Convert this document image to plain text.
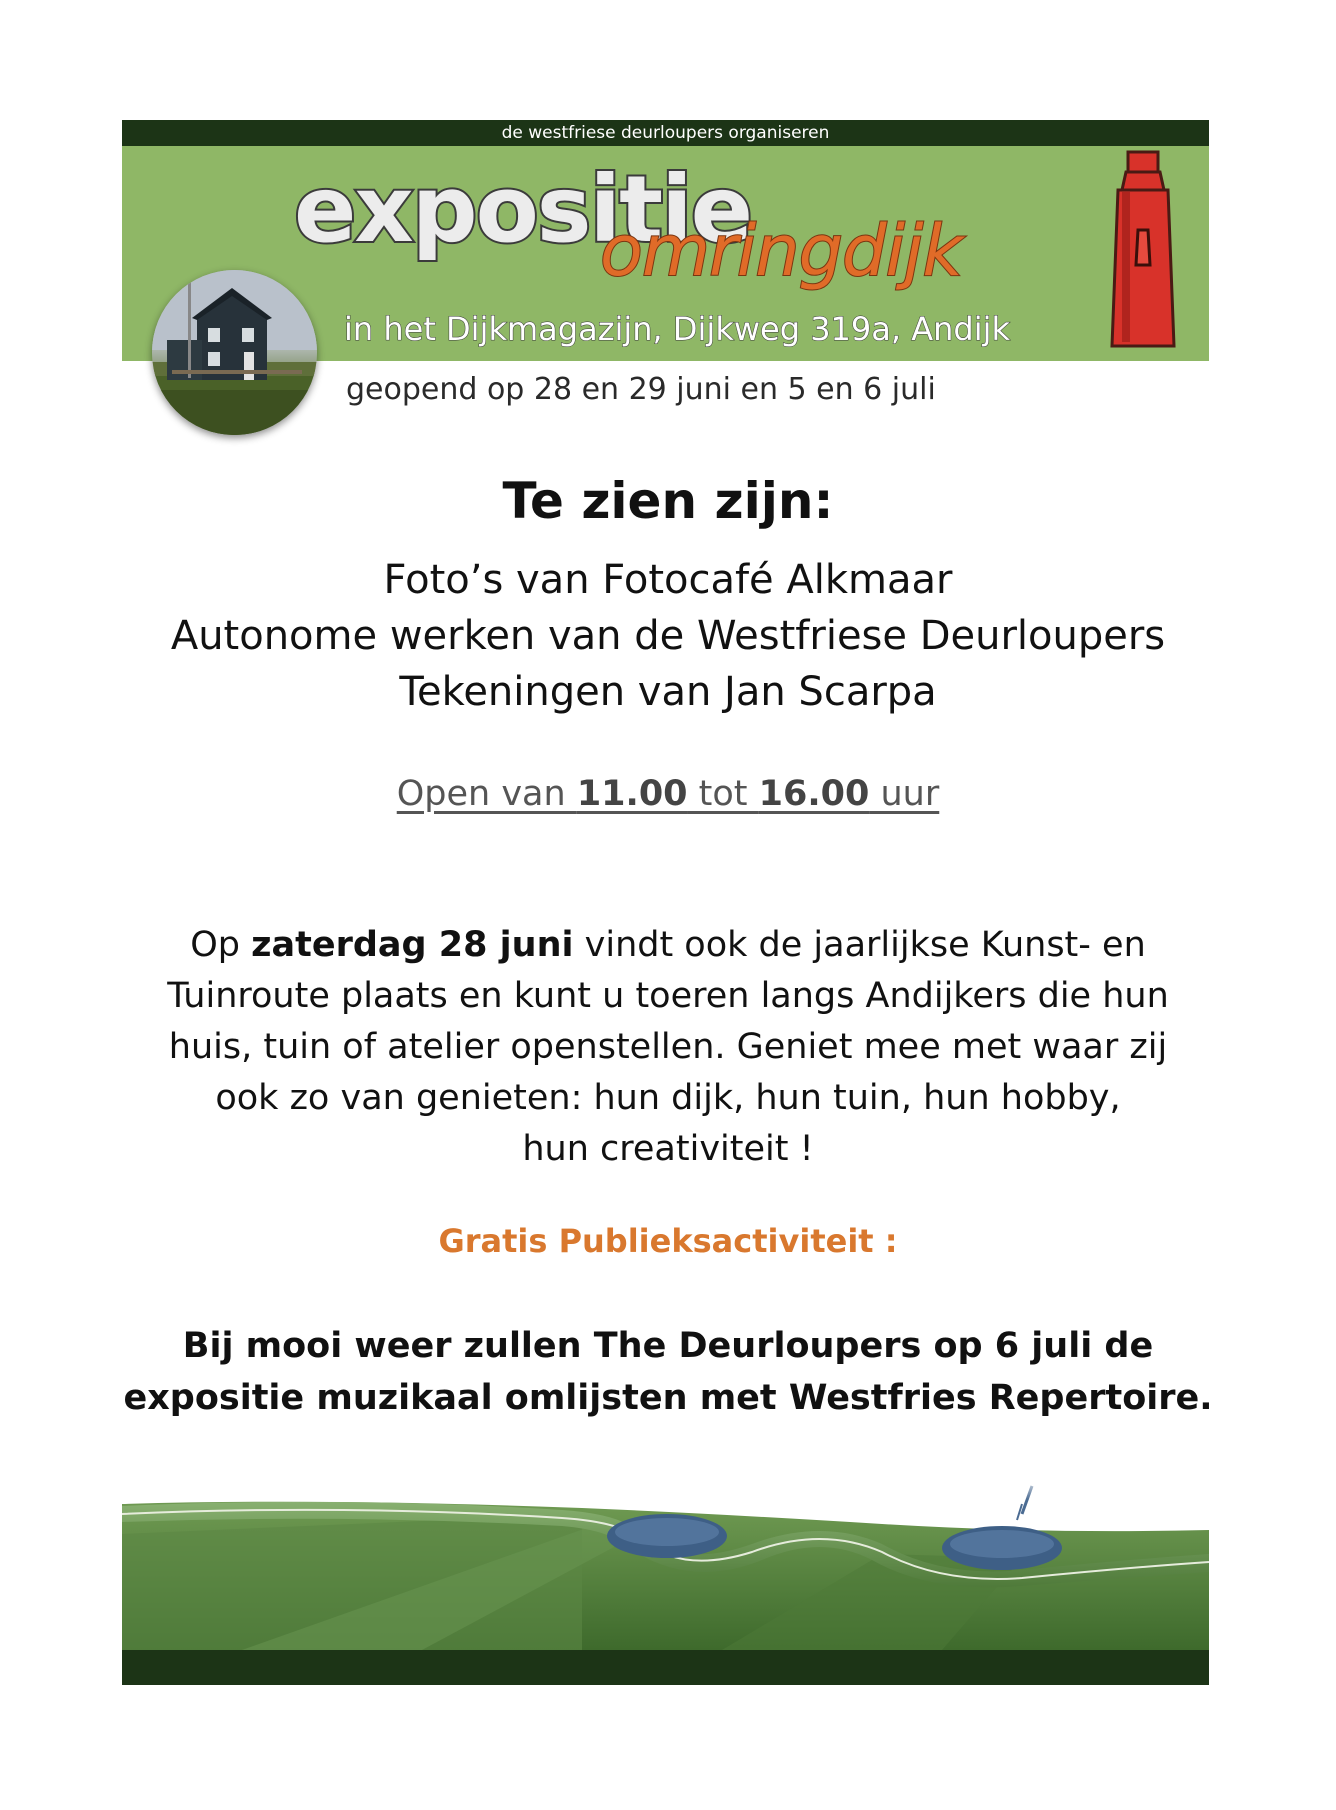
de westfriese deurloupers organiseren
expositie
omringdijk
in het Dijkmagazijn, Dijkweg 319a, Andijk
geopend op 28 en 29 juni en 5 en 6 juli
Te zien zijn:
Foto’s van Fotocafé Alkmaar
Autonome werken van de Westfriese Deurloupers
Tekeningen van Jan Scarpa
Open van 11.00 tot 16.00 uur
Op zaterdag 28 juni vindt ook de jaarlijkse Kunst- en
Tuinroute plaats en kunt u toeren langs Andijkers die hun
huis, tuin of atelier openstellen. Geniet mee met waar zij
ook zo van genieten: hun dijk, hun tuin, hun hobby,
hun creativiteit !
Gratis Publieksactiviteit :
Bij mooi weer zullen The Deurloupers op 6 juli de
expositie muzikaal omlijsten met Westfries Repertoire.
